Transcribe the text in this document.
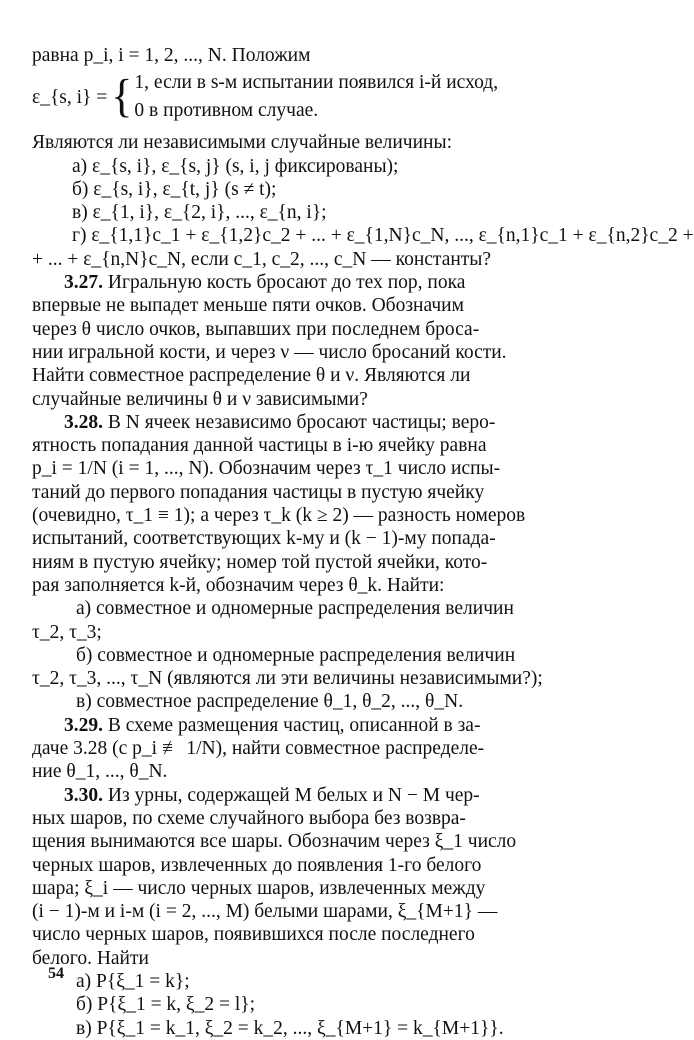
равна p_i, i = 1, 2, ..., N. Положим
ε_{s, i} = { 1, если в s-м испытании появился i-й исход,
0 в противном случае.
Являются ли независимыми случайные величины:
а) ε_{s, i}, ε_{s, j} (s, i, j фиксированы);
б) ε_{s, i}, ε_{t, j} (s ≠ t);
в) ε_{1, i}, ε_{2, i}, ..., ε_{n, i};
г) ε_{1,1}c_1 + ε_{1,2}c_2 + ... + ε_{1,N}c_N, ..., ε_{n,1}c_1 + ε_{n,2}c_2 +
+ ... + ε_{n,N}c_N, если c_1, c_2, ..., c_N — константы?
3.27. Игральную кость бросают до тех пор, пока
впервые не выпадет меньше пяти очков. Обозначим
через θ число очков, выпавших при последнем броса-
нии игральной кости, и через ν — число бросаний кости.
Найти совместное распределение θ и ν. Являются ли
случайные величины θ и ν зависимыми?
3.28. В N ячеек независимо бросают частицы; веро-
ятность попадания данной частицы в i-ю ячейку равна
p_i = 1/N (i = 1, ..., N). Обозначим через τ_1 число испы-
таний до первого попадания частицы в пустую ячейку
(очевидно, τ_1 ≡ 1); а через τ_k (k ≥ 2) — разность номеров
испытаний, соответствующих k-му и (k − 1)-му попада-
ниям в пустую ячейку; номер той пустой ячейки, кото-
рая заполняется k-й, обозначим через θ_k. Найти:
а) совместное и одномерные распределения величин
τ_2, τ_3;
б) совместное и одномерные распределения величин
τ_2, τ_3, ..., τ_N (являются ли эти величины независимыми?);
в) совместное распределение θ_1, θ_2, ..., θ_N.
3.29. В схеме размещения частиц, описанной в за-
даче 3.28 (с p_i ≢ 1/N), найти совместное распределе-
ние θ_1, ..., θ_N.
3.30. Из урны, содержащей M белых и N − M чер-
ных шаров, по схеме случайного выбора без возвра-
щения вынимаются все шары. Обозначим через ξ_1 число
черных шаров, извлеченных до появления 1-го белого
шара; ξ_i — число черных шаров, извлеченных между
(i − 1)-м и i-м (i = 2, ..., M) белыми шарами, ξ_{M+1} —
число черных шаров, появившихся после последнего
белого. Найти
а) P{ξ_1 = k};
б) P{ξ_1 = k, ξ_2 = l};
в) P{ξ_1 = k_1, ξ_2 = k_2, ..., ξ_{M+1} = k_{M+1}}.
54
